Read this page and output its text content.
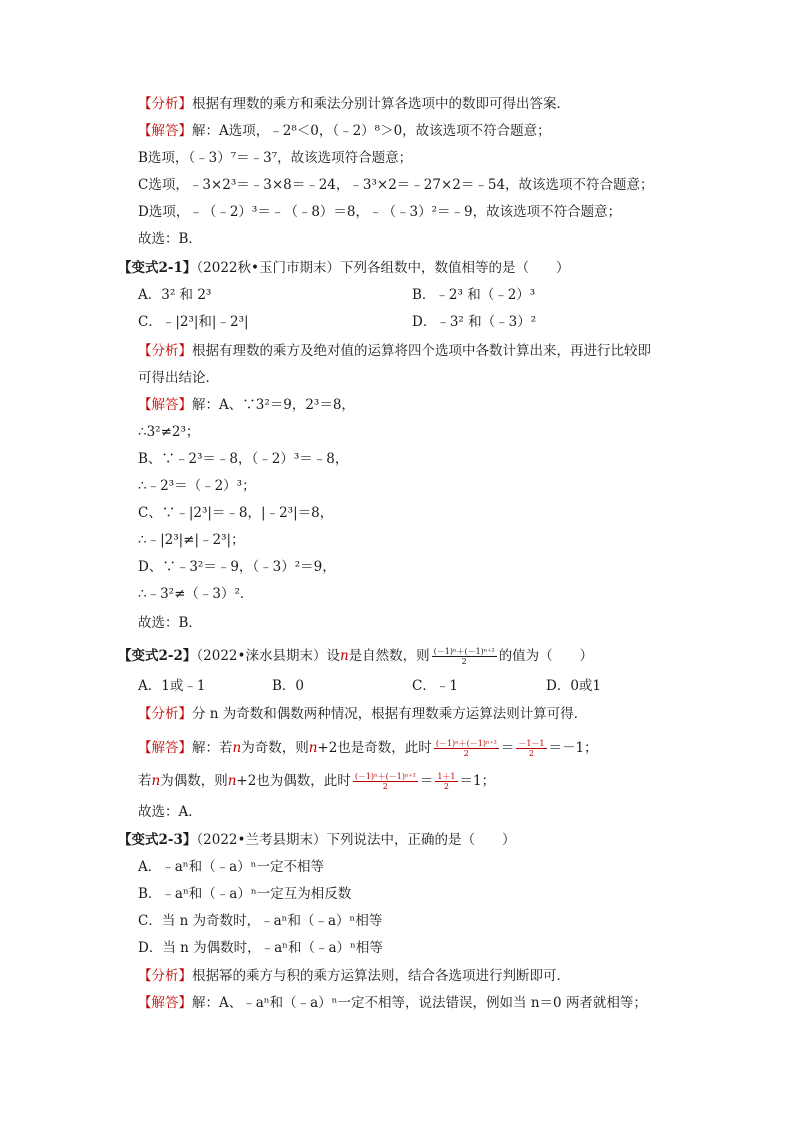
【分析】根据有理数的乘方和乘法分别计算各选项中的数即可得出答案．
【解答】解：A选项，﹣2⁸＜0，（﹣2）⁸＞0，故该选项不符合题意；
B选项，（﹣3）⁷＝﹣3⁷，故该选项符合题意；
C选项，﹣3×2³＝﹣3×8＝﹣24，﹣3³×2＝﹣27×2＝﹣54，故该选项不符合题意；
D选项，﹣（﹣2）³＝﹣（﹣8）＝8，﹣（﹣3）²＝﹣9，故该选项不符合题意；
故选：B．
【变式2-1】（2022秋•玉门市期末）下列各组数中，数值相等的是（　　）
A．3² 和 2³	B．﹣2³ 和（﹣2）³
C．﹣|2³|和|﹣2³|	D．﹣3² 和（﹣3）²
【分析】根据有理数的乘方及绝对值的运算将四个选项中各数计算出来，再进行比较即
可得出结论．
【解答】解：A、∵3²＝9，2³＝8，
∴3²≠2³；
B、∵﹣2³＝﹣8，（﹣2）³＝﹣8，
∴﹣2³＝（﹣2）³；
C、∵﹣|2³|＝﹣8，|﹣2³|＝8，
∴﹣|2³|≠|﹣2³|；
D、∵﹣3²＝﹣9，（﹣3）²＝9，
∴﹣3²≠（﹣3）²．
故选：B．
【变式2-2】（2022•涞水县期末）设n是自然数，则 $\frac{\text{(－1)ⁿ＋(－1)ⁿ⁺²}}{2}$ 的值为（　　）
A．1或﹣1	B．0	C．﹣1	D．0或1
【分析】分 n 为奇数和偶数两种情况，根据有理数乘方运算法则计算可得．
【解答】解：若n为奇数，则n+2也是奇数，此时 $\frac{\text{(－1)ⁿ＋(－1)ⁿ⁺²}}{2} = \frac{-1-1}{2} =-1$；
若n为偶数，则n+2也为偶数，此时 $\frac{\text{(－1)ⁿ＋(－1)ⁿ⁺²}}{2} = \frac{1+1}{2} =1$；
故选：A．
【变式2-3】（2022•兰考县期末）下列说法中，正确的是（　　）
A．﹣aⁿ和（﹣a）ⁿ一定不相等
B．﹣aⁿ和（﹣a）ⁿ一定互为相反数
C．当 n 为奇数时，﹣aⁿ和（﹣a）ⁿ相等
D．当 n 为偶数时，﹣aⁿ和（﹣a）ⁿ相等
【分析】根据幂的乘方与积的乘方运算法则，结合各选项进行判断即可．
【解答】解：A、﹣aⁿ和（﹣a）ⁿ一定不相等，说法错误，例如当 n＝0 两者就相等；
